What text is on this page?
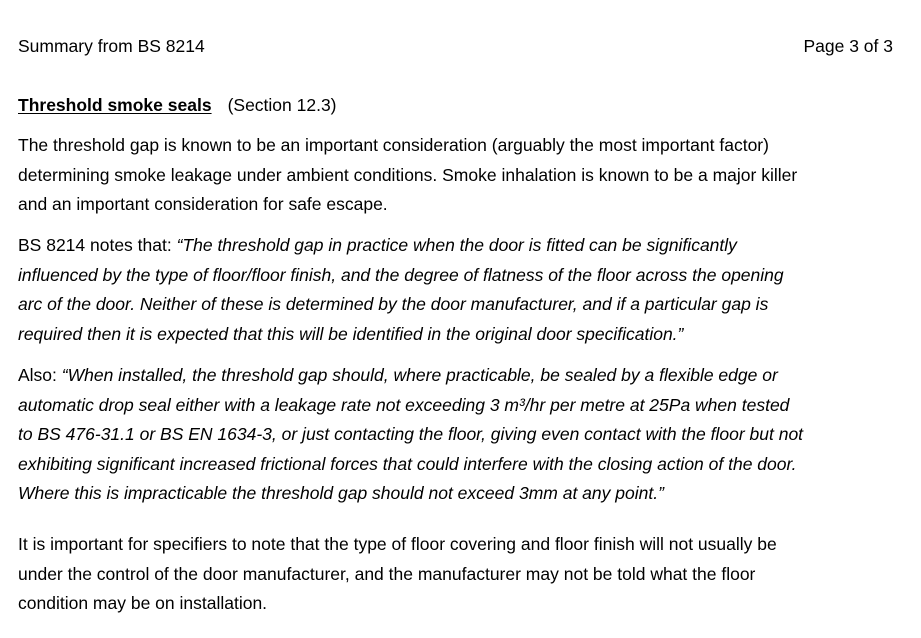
Summary from BS 8214	Page 3 of 3
Threshold smoke seals (Section 12.3)

The threshold gap is known to be an important consideration (arguably the most important factor)
determining smoke leakage under ambient conditions. Smoke inhalation is known to be a major killer
and an important consideration for safe escape.

BS 8214 notes that: “The threshold gap in practice when the door is fitted can be significantly
influenced by the type of floor/floor finish, and the degree of flatness of the floor across the opening
arc of the door. Neither of these is determined by the door manufacturer, and if a particular gap is
required then it is expected that this will be identified in the original door specification.”

Also: “When installed, the threshold gap should, where practicable, be sealed by a flexible edge or
automatic drop seal either with a leakage rate not exceeding 3 m³/hr per metre at 25Pa when tested
to BS 476-31.1 or BS EN 1634-3, or just contacting the floor, giving even contact with the floor but not
exhibiting significant increased frictional forces that could interfere with the closing action of the door.
Where this is impracticable the threshold gap should not exceed 3mm at any point.”

It is important for specifiers to note that the type of floor covering and floor finish will not usually be
under the control of the door manufacturer, and the manufacturer may not be told what the floor
condition may be on installation.
